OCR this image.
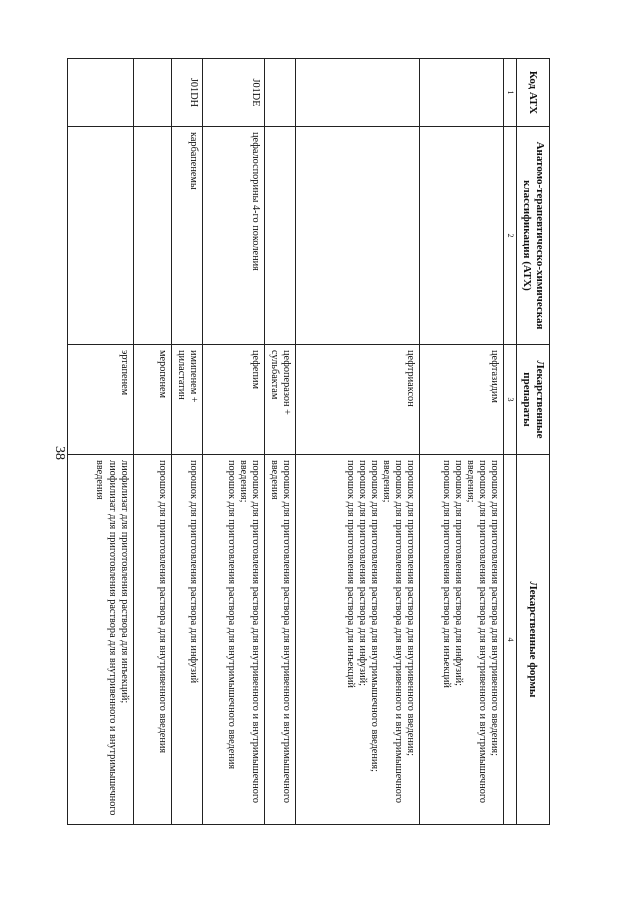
38
Код АТХ	Анатомо-терапевтическо-химическая классификация (АТХ)	Лекарственные препараты	Лекарственные формы
1	2	3	4
		цефтазидим	порошок для приготовления раствора для внутривенного введения;
порошок для приготовления раствора для внутривенного и внутримышечного введения;
порошок для приготовления раствора для инфузий;
порошок для приготовления раствора для инъекций

		цефтриаксон	порошок для приготовления раствора для внутривенного введения;
порошок для приготовления раствора для внутривенного и внутримышечного введения;
порошок для приготовления раствора для внутримышечного введения;
порошок для приготовления раствора для инфузий;
порошок для приготовления раствора для инъекций

		цефоперазон + сульбактам	порошок для приготовления раствора для внутривенного и внутримышечного введения

J01DE	цефалоспорины 4-го поколения	цефепим	порошок для приготовления раствора для внутривенного и внутримышечного введения;
порошок для приготовления раствора для внутримышечного введения

J01DH	карбапенемы	имипенем + циластатин	порошок для приготовления раствора для инфузий

		меропенем	порошок для приготовления раствора для внутривенного введения

		эртапенем	лиофилизат для приготовления раствора для инъекций;
лиофилизат для приготовления раствора для внутривенного и внутримышечного введения
